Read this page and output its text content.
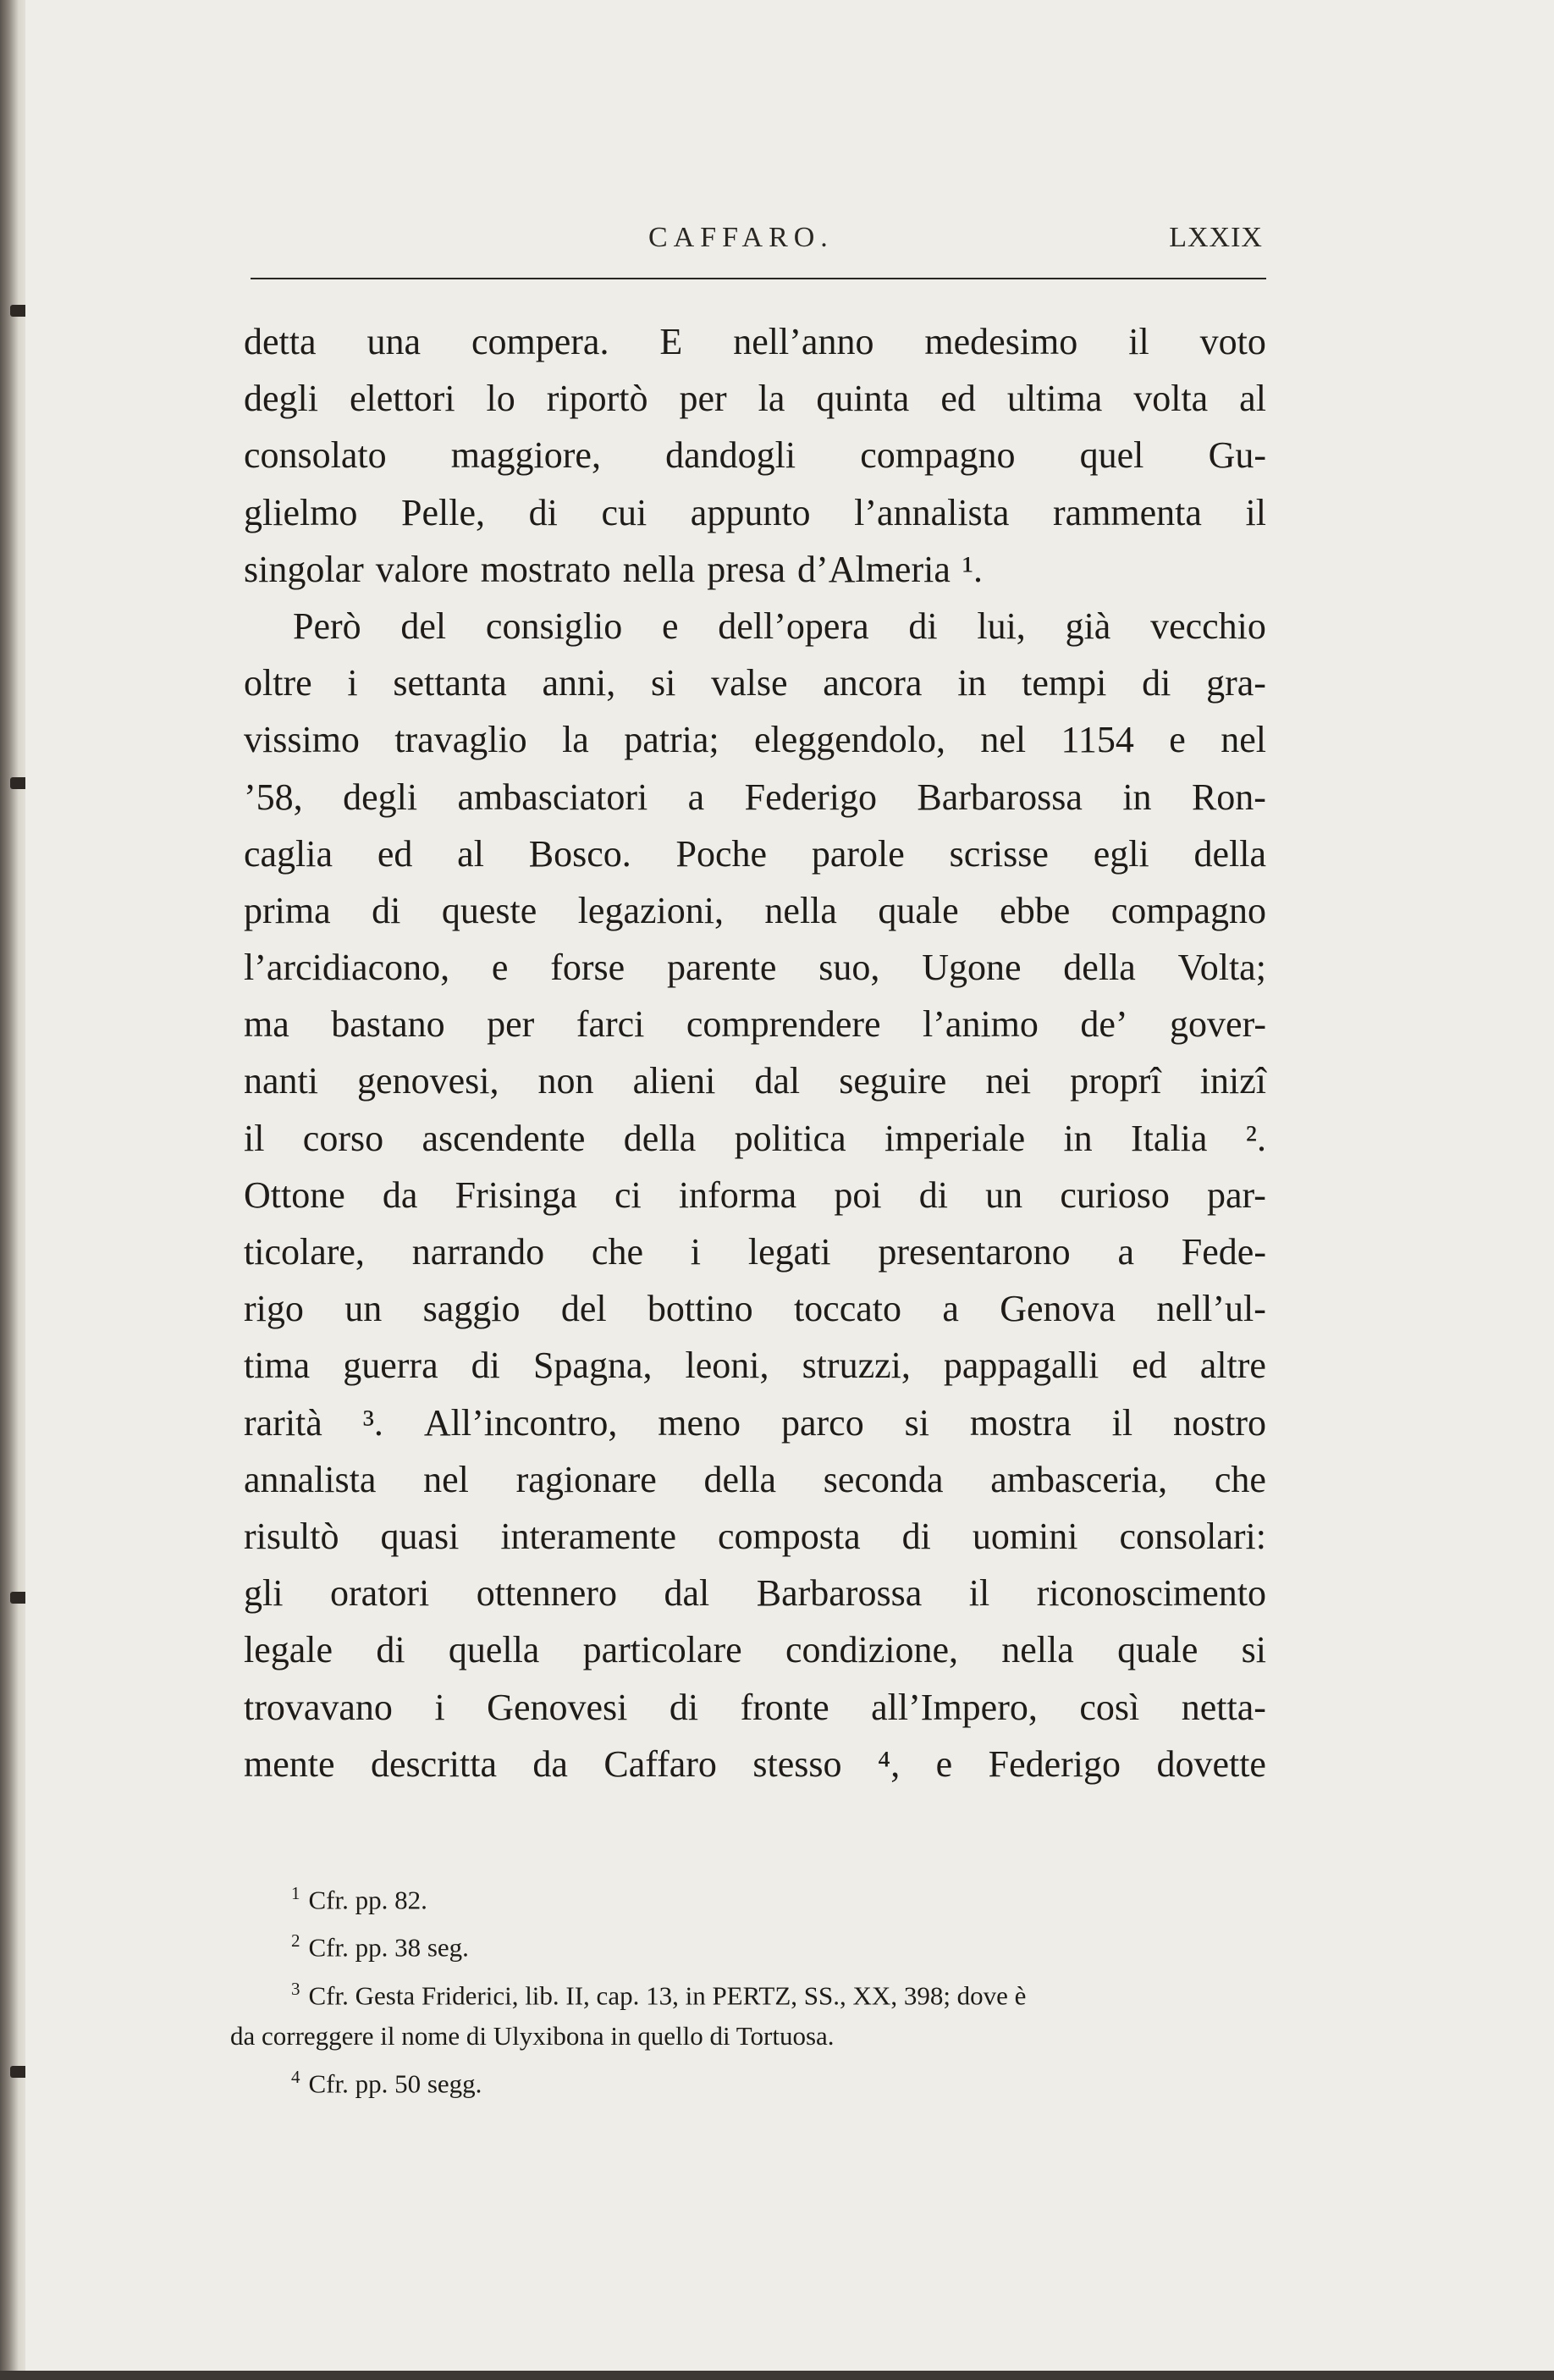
CAFFARO.	LXXIX
detta una compera. E nell’anno medesimo il voto
degli elettori lo riportò per la quinta ed ultima volta al
consolato maggiore, dandogli compagno quel Gu-
glielmo Pelle, di cui appunto l’annalista rammenta il
singolar valore mostrato nella presa d’Almeria ¹.
Però del consiglio e dell’opera di lui, già vecchio
oltre i settanta anni, si valse ancora in tempi di gra-
vissimo travaglio la patria; eleggendolo, nel 1154 e nel
’58, degli ambasciatori a Federigo Barbarossa in Ron-
caglia ed al Bosco. Poche parole scrisse egli della
prima di queste legazioni, nella quale ebbe compagno
l’arcidiacono, e forse parente suo, Ugone della Volta;
ma bastano per farci comprendere l’animo de’ gover-
nanti genovesi, non alieni dal seguire nei proprî inizî
il corso ascendente della politica imperiale in Italia ².
Ottone da Frisinga ci informa poi di un curioso par-
ticolare, narrando che i legati presentarono a Fede-
rigo un saggio del bottino toccato a Genova nell’ul-
tima guerra di Spagna, leoni, struzzi, pappagalli ed altre
rarità ³. All’incontro, meno parco si mostra il nostro
annalista nel ragionare della seconda ambasceria, che
risultò quasi interamente composta di uomini consolari:
gli oratori ottennero dal Barbarossa il riconoscimento
legale di quella particolare condizione, nella quale si
trovavano i Genovesi di fronte all’Impero, così netta-
mente descritta da Caffaro stesso ⁴, e Federigo dovette
$^1$ Cfr. pp. 82.
$^2$ Cfr. pp. 38 seg.
$^3$ Cfr. Gesta Friderici, lib. II, cap. 13, in PERTZ, SS., XX, 398; dove è
da correggere il nome di Ulyxibona in quello di Tortuosa.
$^4$ Cfr. pp. 50 segg.
